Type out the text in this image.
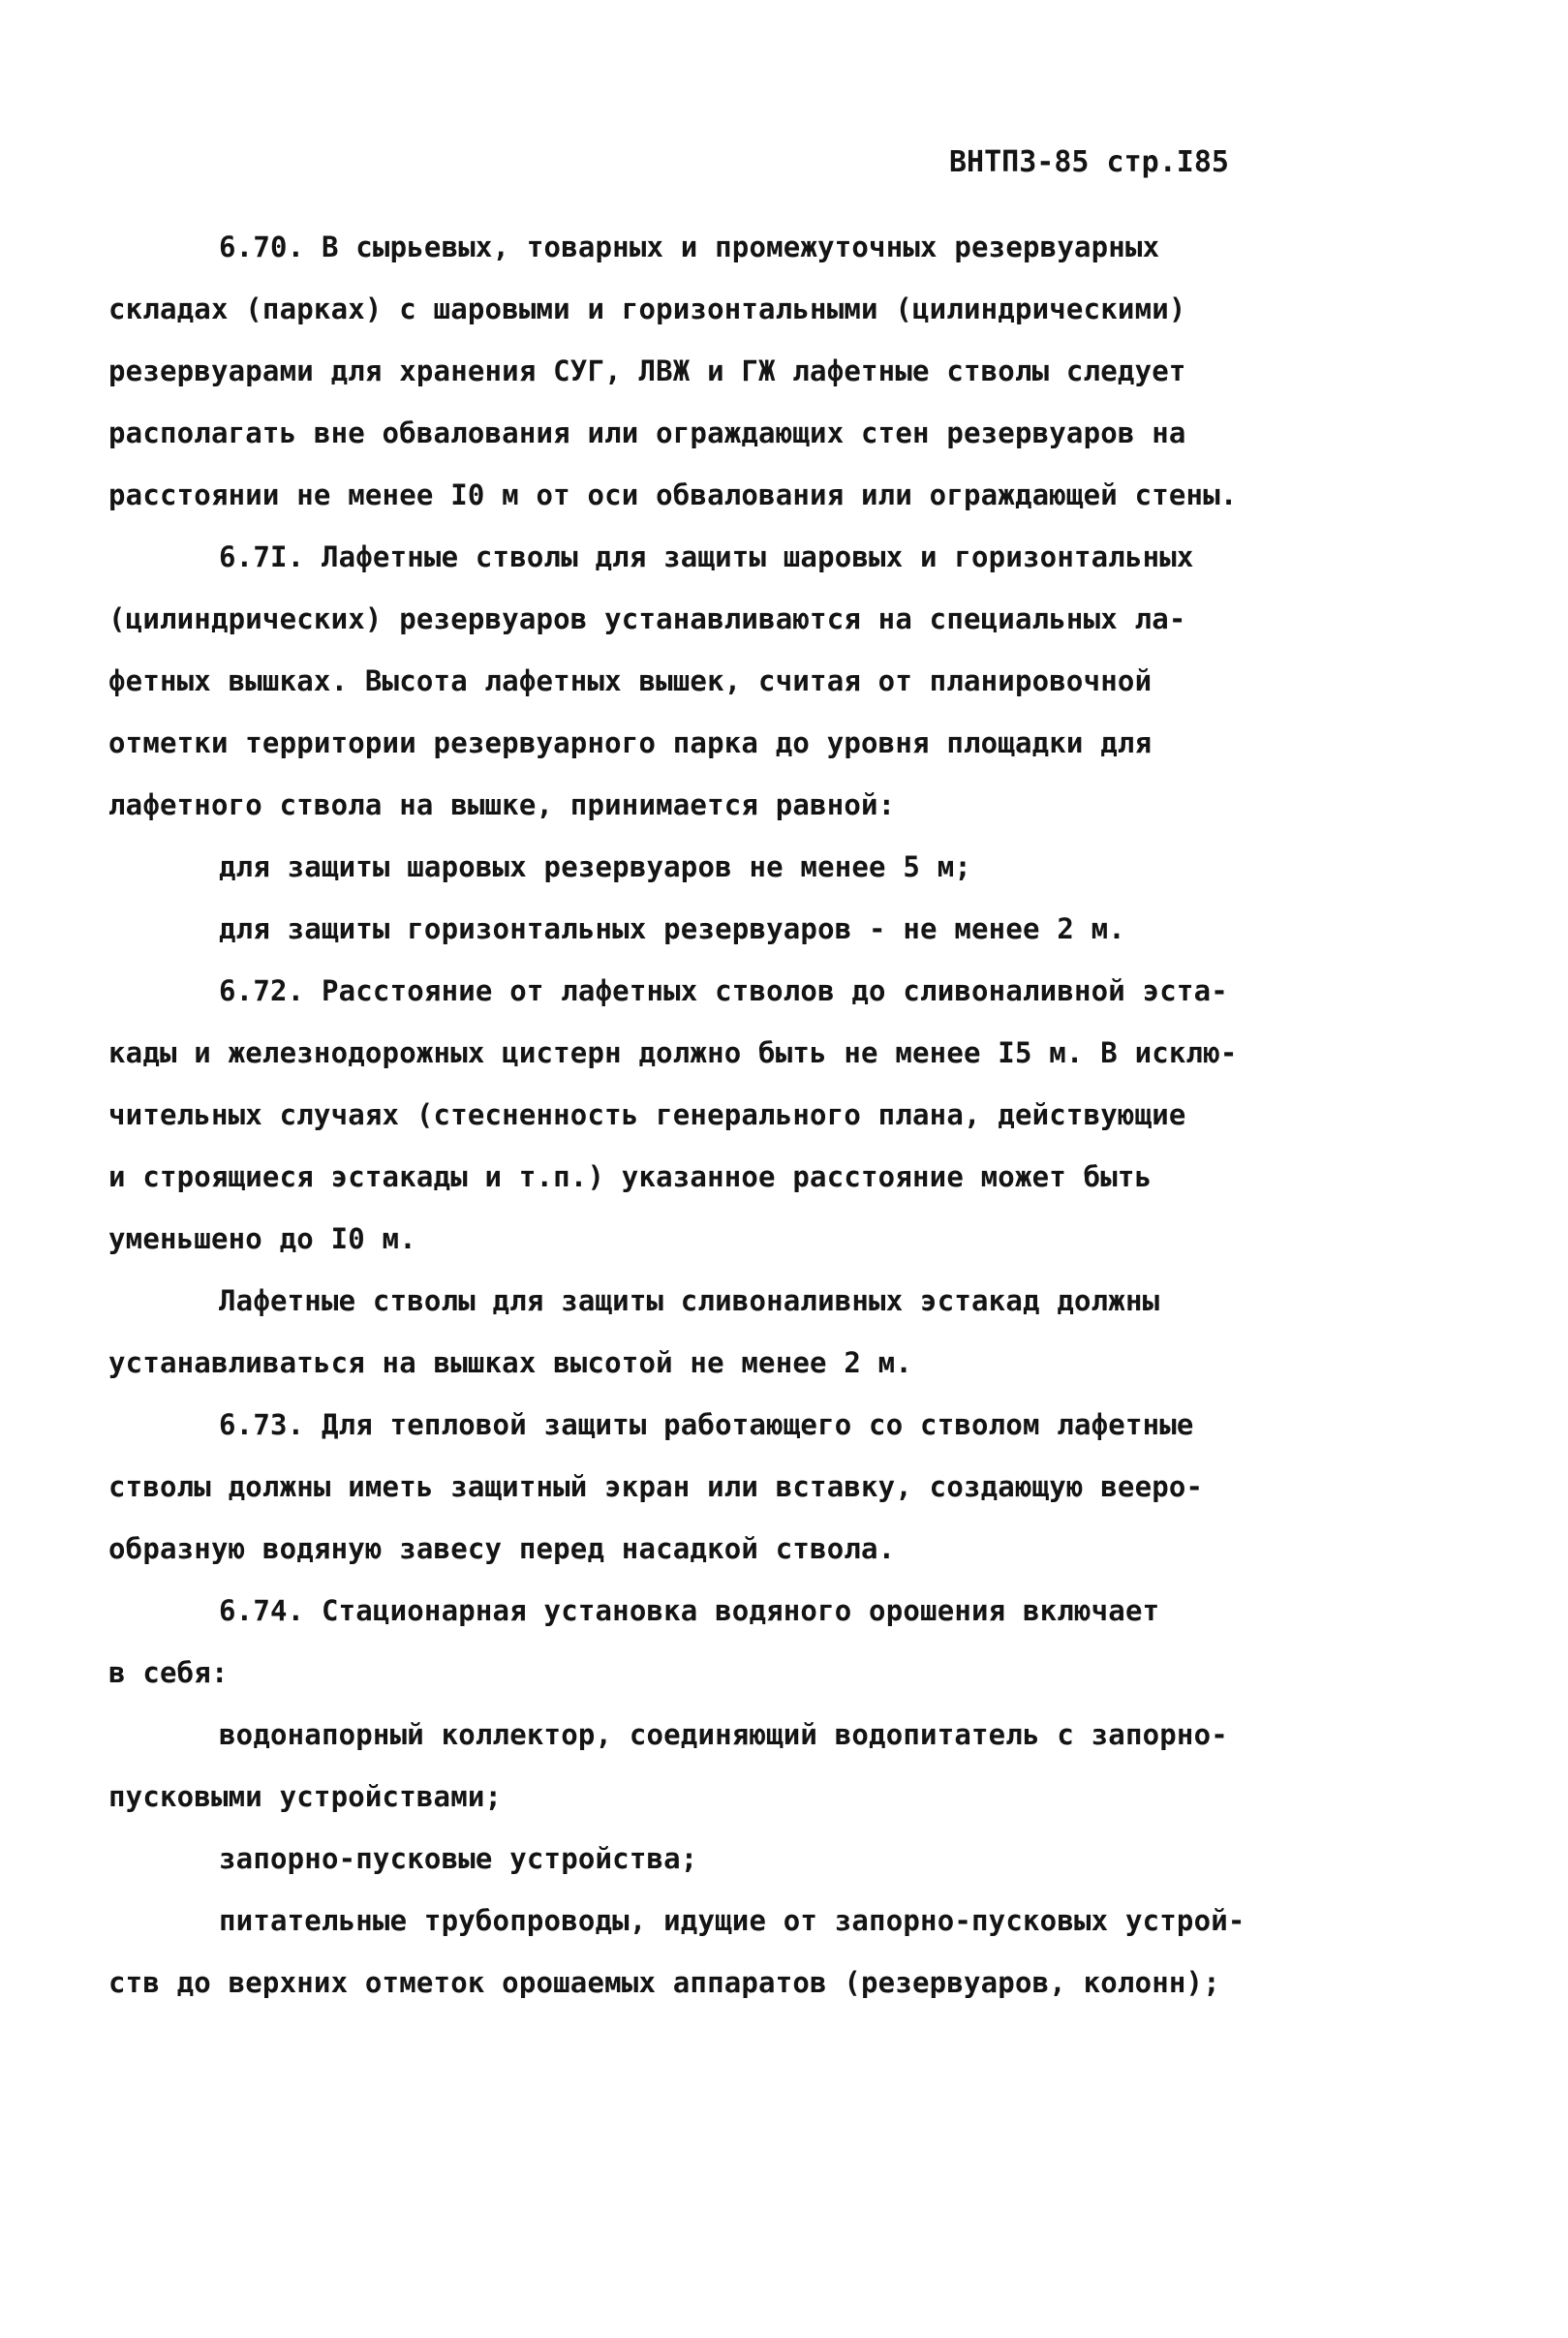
ВНТП3-85 стр.I85
6.70. В сырьевых, товарных и промежуточных резервуарных
складах (парках) с шаровыми и горизонтальными (цилиндрическими)
резервуарами для хранения СУГ, ЛВЖ и ГЖ лафетные стволы следует
располагать вне обвалования или ограждающих стен резервуаров на
расстоянии не менее I0 м от оси обвалования или ограждающей стены.
6.7I. Лафетные стволы для защиты шаровых и горизонтальных
(цилиндрических) резервуаров устанавливаются на специальных ла-
фетных вышках. Высота лафетных вышек, считая от планировочной
отметки территории резервуарного парка до уровня площадки для
лафетного ствола на вышке, принимается равной:
для защиты шаровых резервуаров не менее 5 м;
для защиты горизонтальных резервуаров - не менее 2 м.
6.72. Расстояние от лафетных стволов до сливоналивной эста-
кады и железнодорожных цистерн должно быть не менее I5 м. В исклю-
чительных случаях (стесненность генерального плана, действующие
и строящиеся эстакады и т.п.) указанное расстояние может быть
уменьшено до I0 м.
Лафетные стволы для защиты сливоналивных эстакад должны
устанавливаться на вышках высотой не менее 2 м.
6.73. Для тепловой защиты работающего со стволом лафетные
стволы должны иметь защитный экран или вставку, создающую вееро-
образную водяную завесу перед насадкой ствола.
6.74. Стационарная установка водяного орошения включает
в себя:
водонапорный коллектор, соединяющий водопитатель с запорно-
пусковыми устройствами;
запорно-пусковые устройства;
питательные трубопроводы, идущие от запорно-пусковых устрой-
ств до верхних отметок орошаемых аппаратов (резервуаров, колонн);
